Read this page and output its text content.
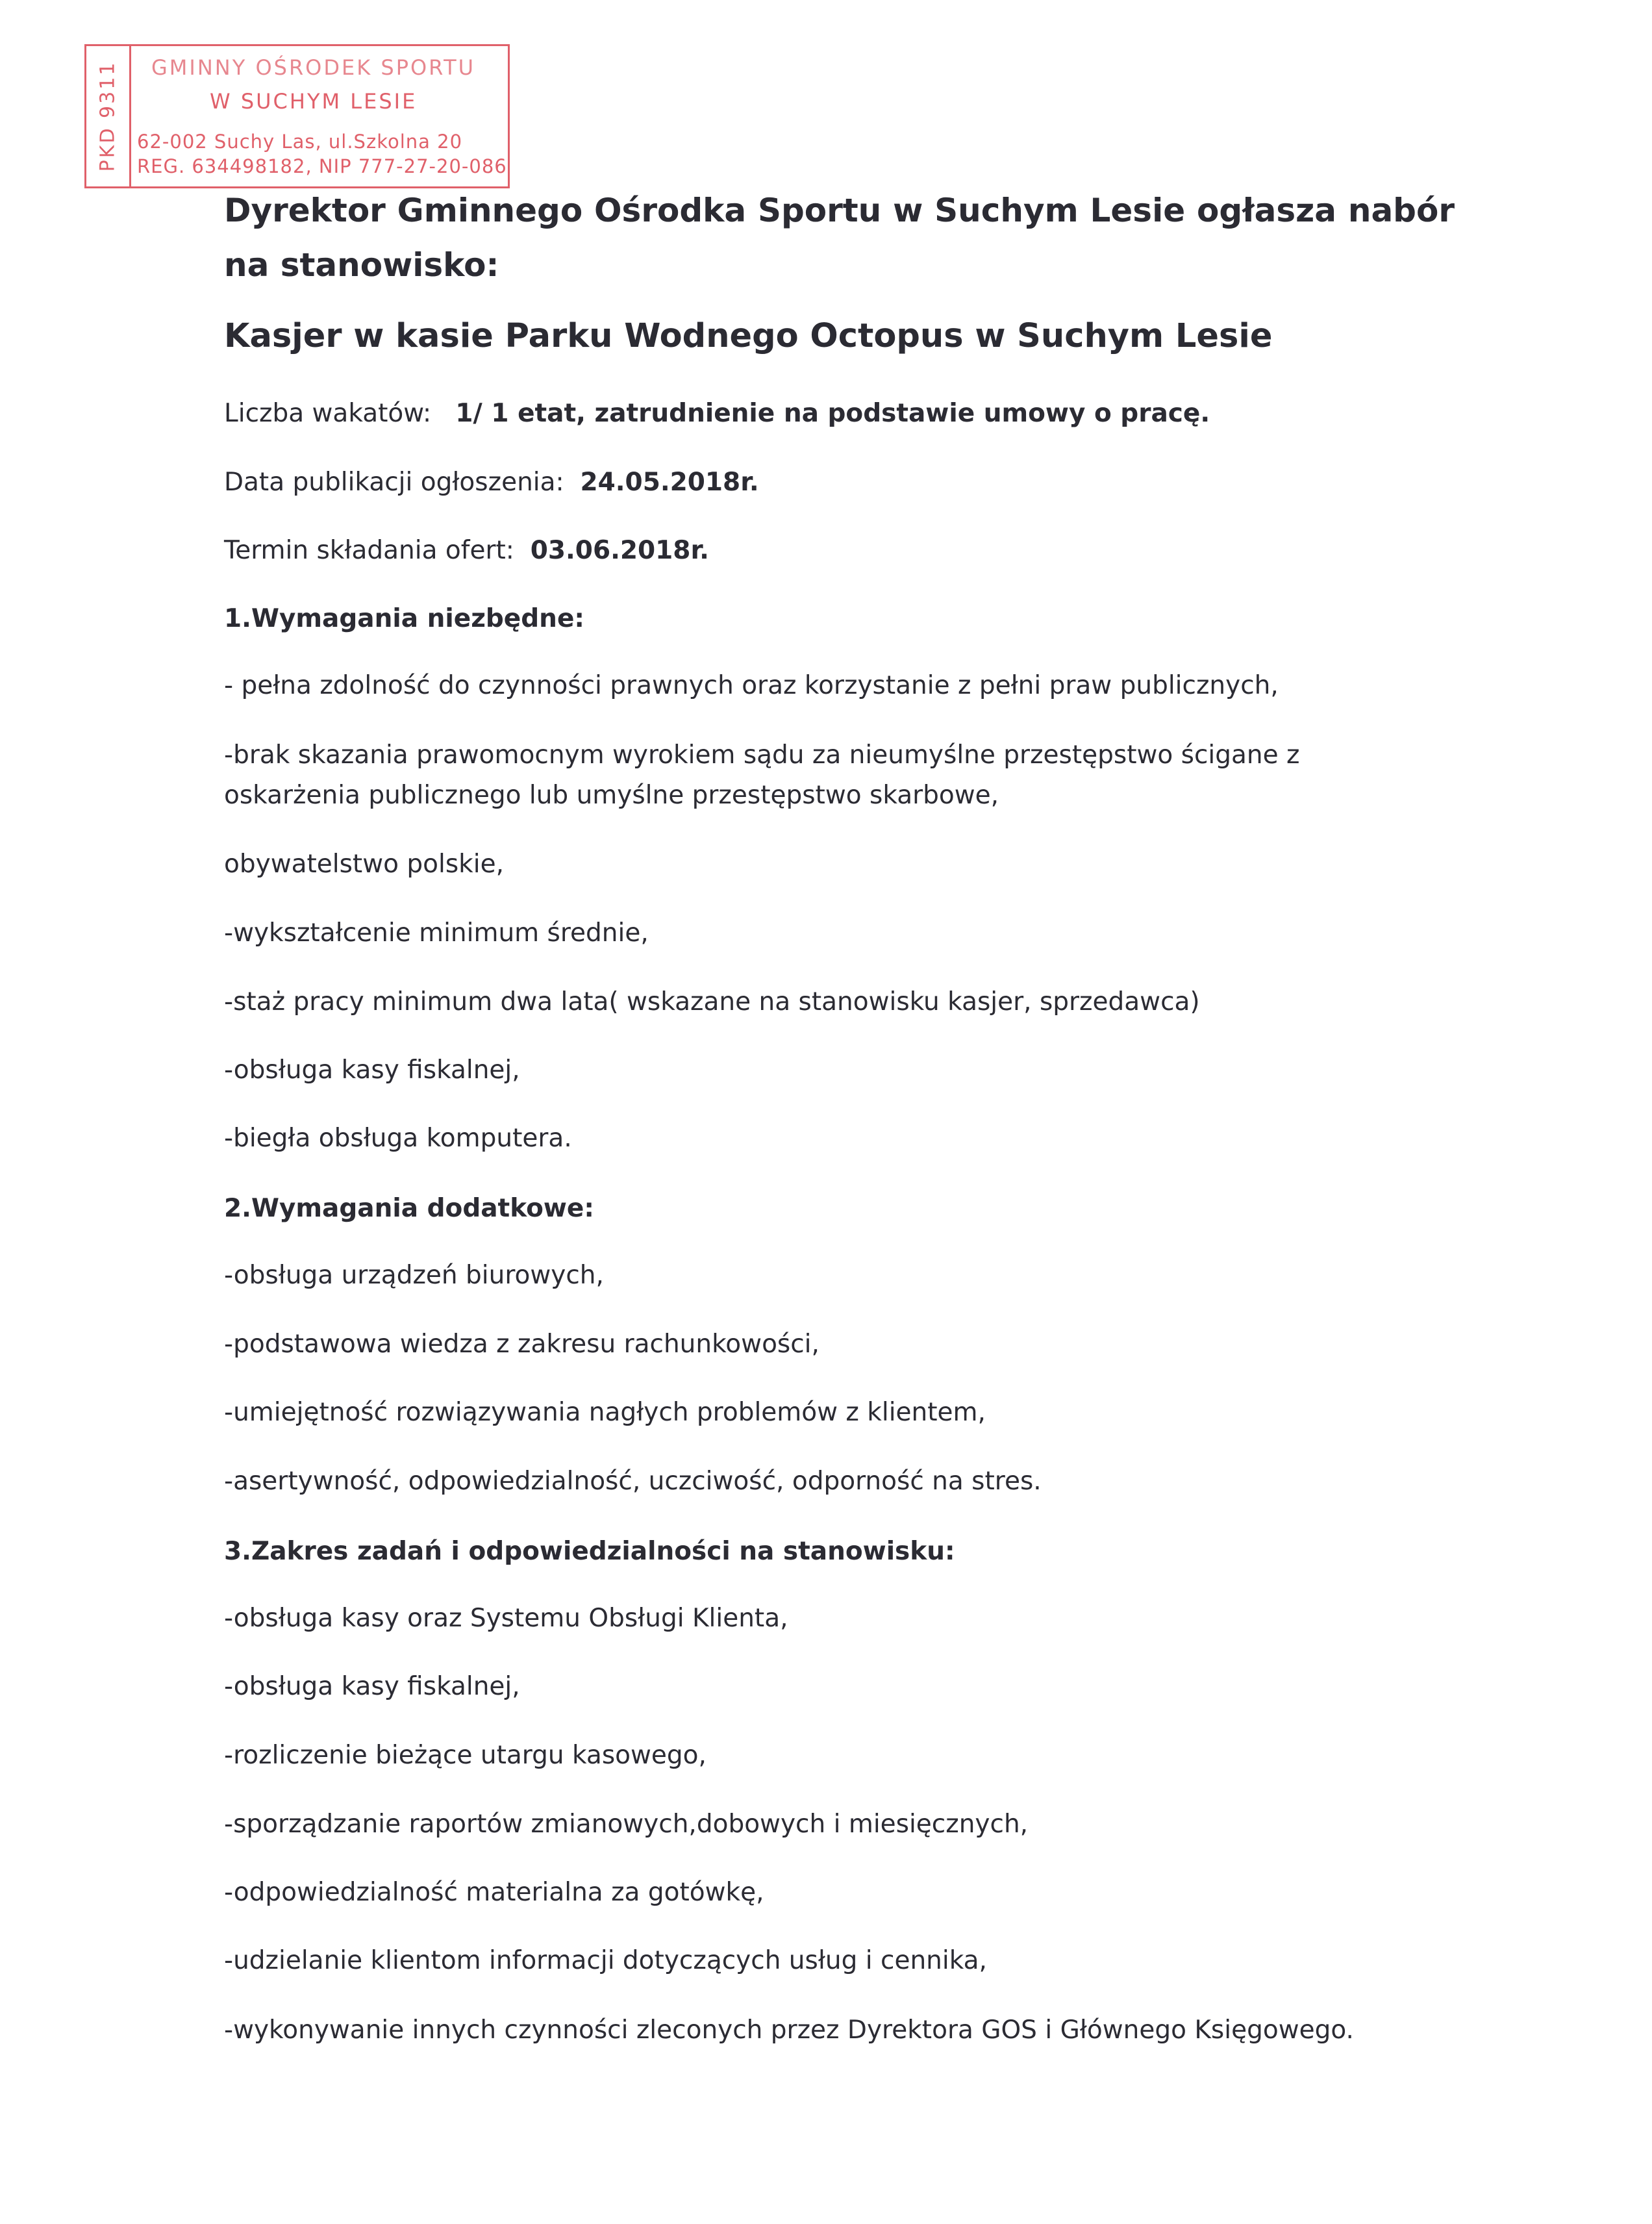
PKD 9311 GMINNY OŚRODEK SPORTU
W SUCHYM LESIE
62-002 Suchy Las, ul.Szkolna 20
REG. 634498182, NIP 777-27-20-086

Dyrektor Gminnego Ośrodka Sportu w Suchym Lesie ogłasza nabór na stanowisko:

Kasjer w kasie Parku Wodnego Octopus w Suchym Lesie

Liczba wakatów: 1/ 1 etat, zatrudnienie na podstawie umowy o pracę.

Data publikacji ogłoszenia: 24.05.2018r.

Termin składania ofert: 03.06.2018r.

1.Wymagania niezbędne:

- pełna zdolność do czynności prawnych oraz korzystanie z pełni praw publicznych,

-brak skazania prawomocnym wyrokiem sądu za nieumyślne przestępstwo ścigane z oskarżenia publicznego lub umyślne przestępstwo skarbowe,

obywatelstwo polskie,

-wykształcenie minimum średnie,

-staż pracy minimum dwa lata( wskazane na stanowisku kasjer, sprzedawca)

-obsługa kasy fiskalnej,

-biegła obsługa komputera.

2.Wymagania dodatkowe:

-obsługa urządzeń biurowych,

-podstawowa wiedza z zakresu rachunkowości,

-umiejętność rozwiązywania nagłych problemów z klientem,

-asertywność, odpowiedzialność, uczciwość, odporność na stres.

3.Zakres zadań i odpowiedzialności na stanowisku:

-obsługa kasy oraz Systemu Obsługi Klienta,

-obsługa kasy fiskalnej,

-rozliczenie bieżące utargu kasowego,

-sporządzanie raportów zmianowych,dobowych i miesięcznych,

-odpowiedzialność materialna za gotówkę,

-udzielanie klientom informacji dotyczących usług i cennika,

-wykonywanie innych czynności zleconych przez Dyrektora GOS i Głównego Księgowego.
